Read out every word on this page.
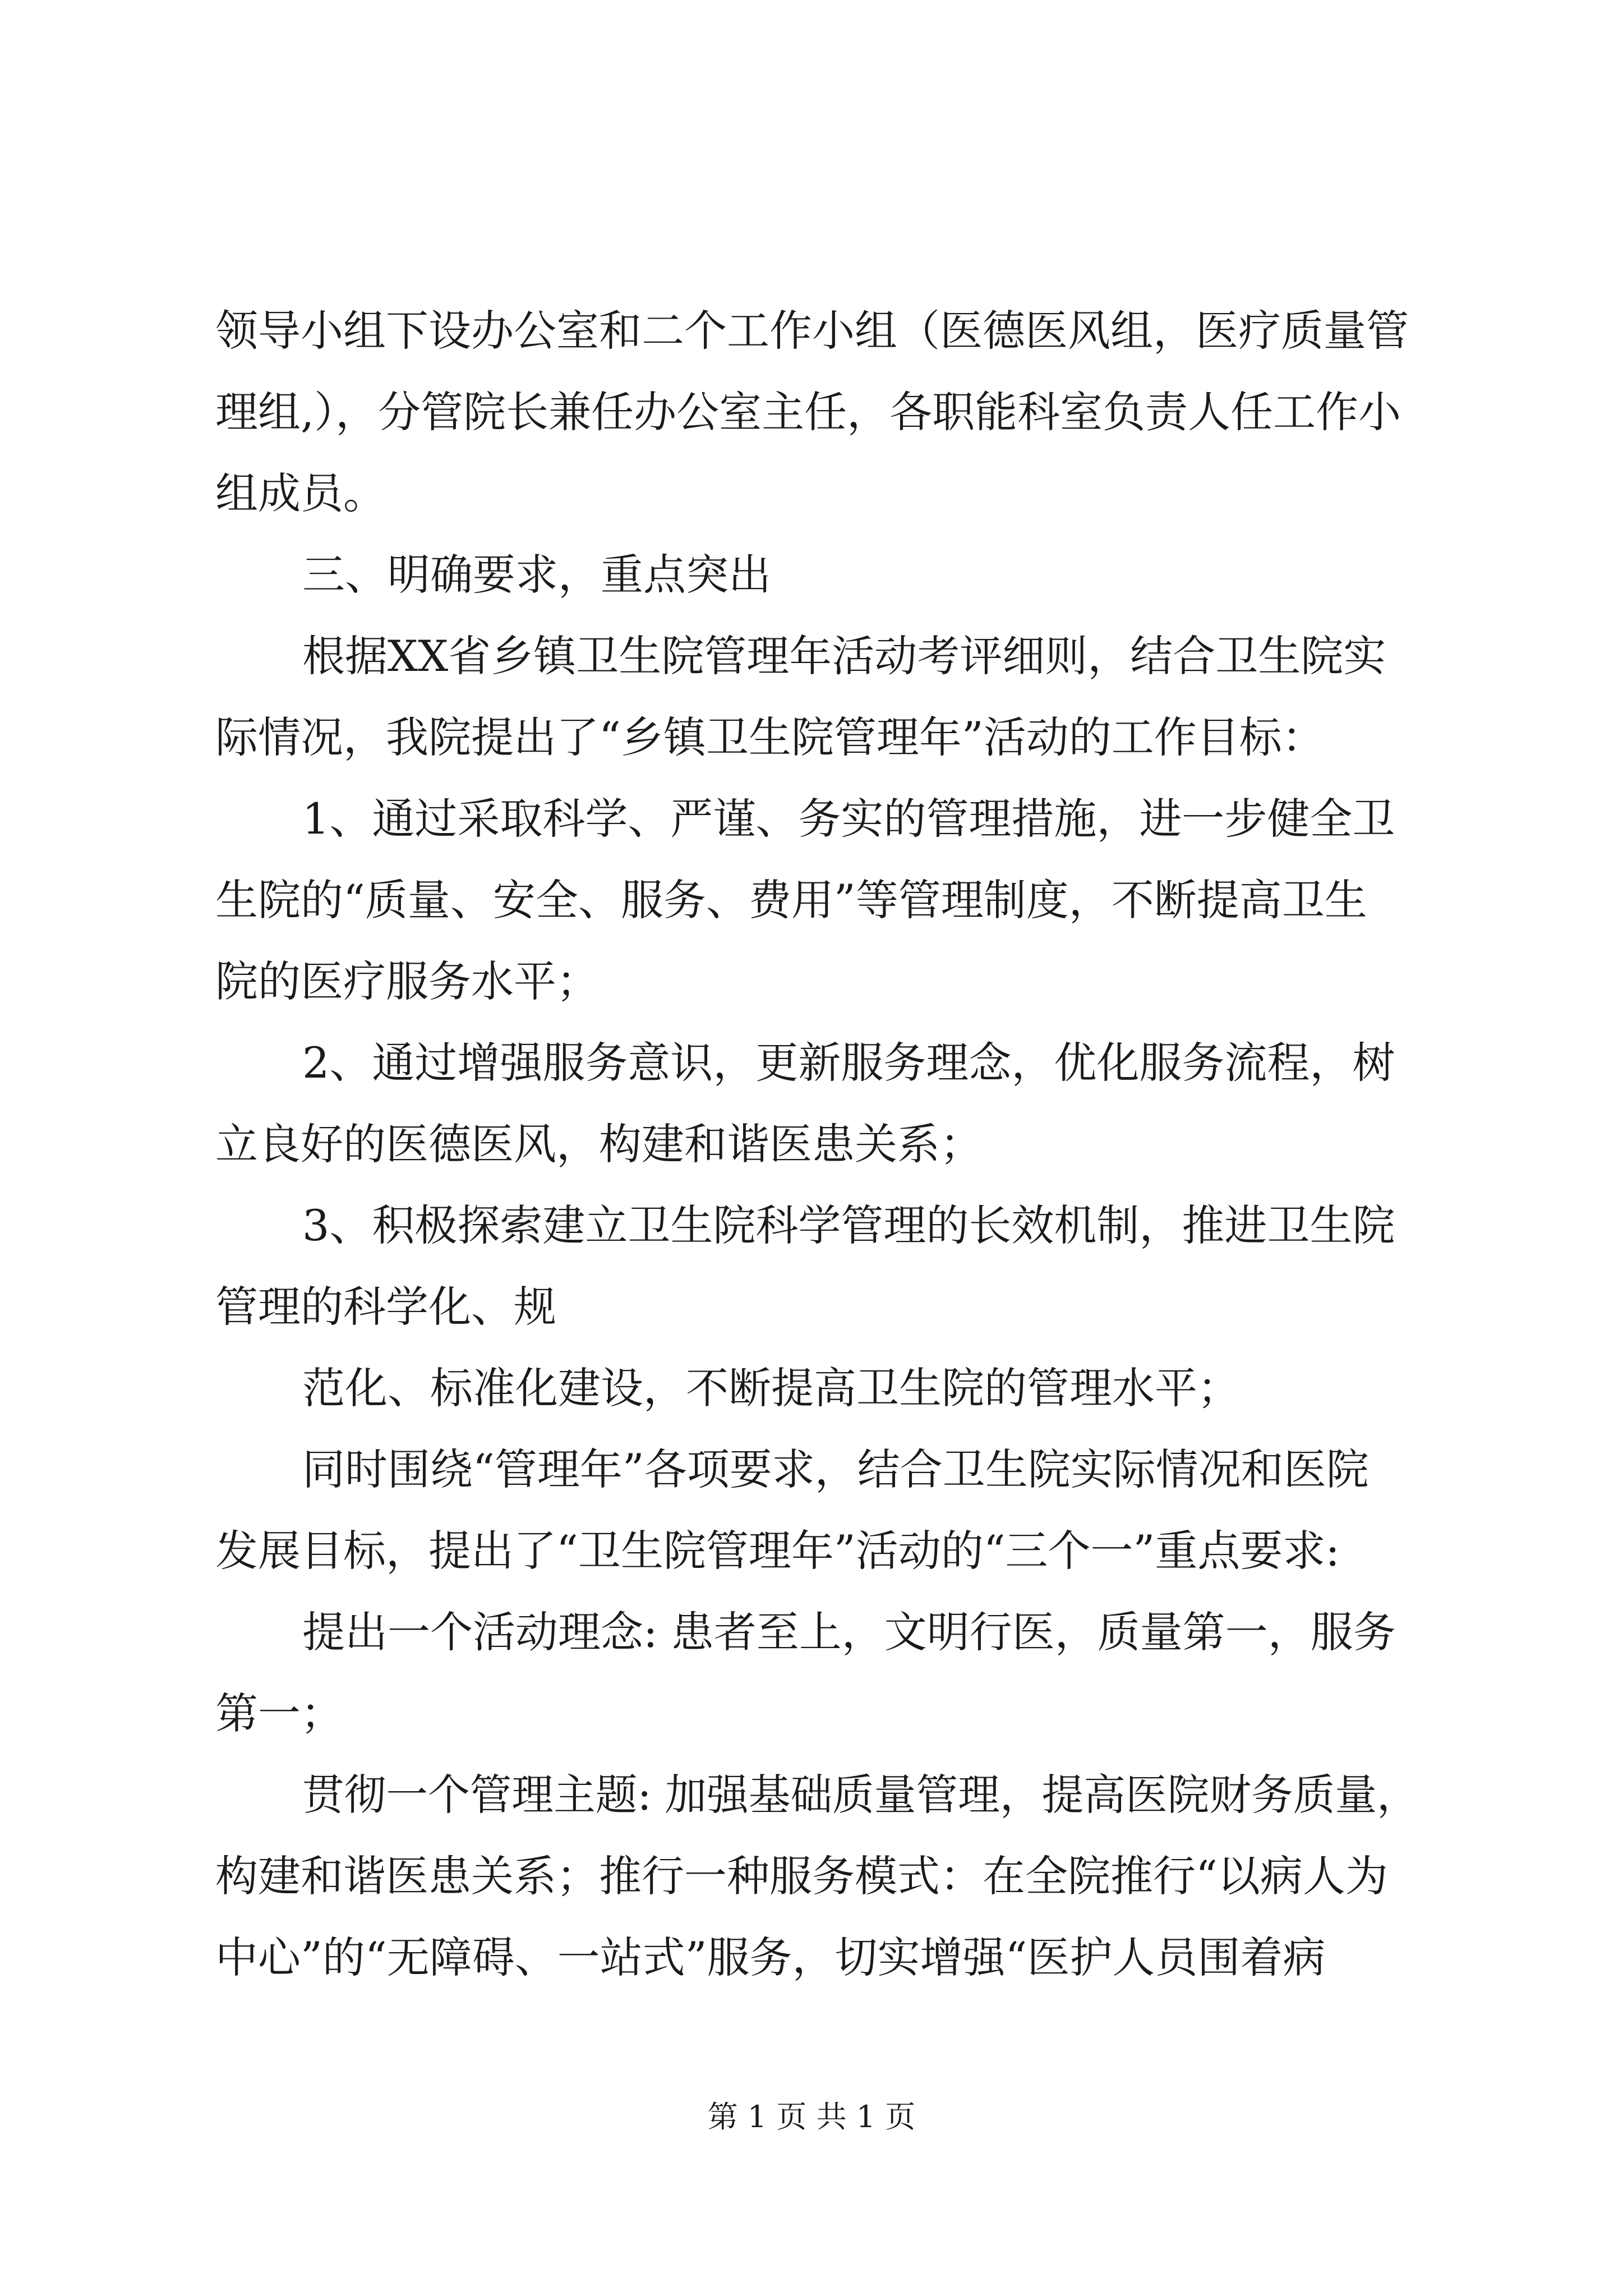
领导小组下设办公室和二个工作小组（医德医风组，医疗质量管
理组,），分管院长兼任办公室主任，各职能科室负责人任工作小
组成员。
三、明确要求，重点突出
根据XX省乡镇卫生院管理年活动考评细则，结合卫生院实
际情况，我院提出了“乡镇卫生院管理年”活动的工作目标：
1、通过采取科学、严谨、务实的管理措施，进一步健全卫
生院的“质量、安全、服务、费用”等管理制度，不断提高卫生
院的医疗服务水平；
2、通过增强服务意识，更新服务理念，优化服务流程，树
立良好的医德医风，构建和谐医患关系；
3、积极探索建立卫生院科学管理的长效机制，推进卫生院
管理的科学化、规
范化、标准化建设，不断提高卫生院的管理水平；
同时围绕“管理年”各项要求，结合卫生院实际情况和医院
发展目标，提出了“卫生院管理年”活动的“三个一”重点要求:
提出一个活动理念: 患者至上，文明行医，质量第一，服务
第一；
贯彻一个管理主题: 加强基础质量管理，提高医院财务质量，
构建和谐医患关系；推行一种服务模式：在全院推行“以病人为
中心”的“无障碍、一站式”服务，切实增强“医护人员围着病
第 1 页 共 1 页
